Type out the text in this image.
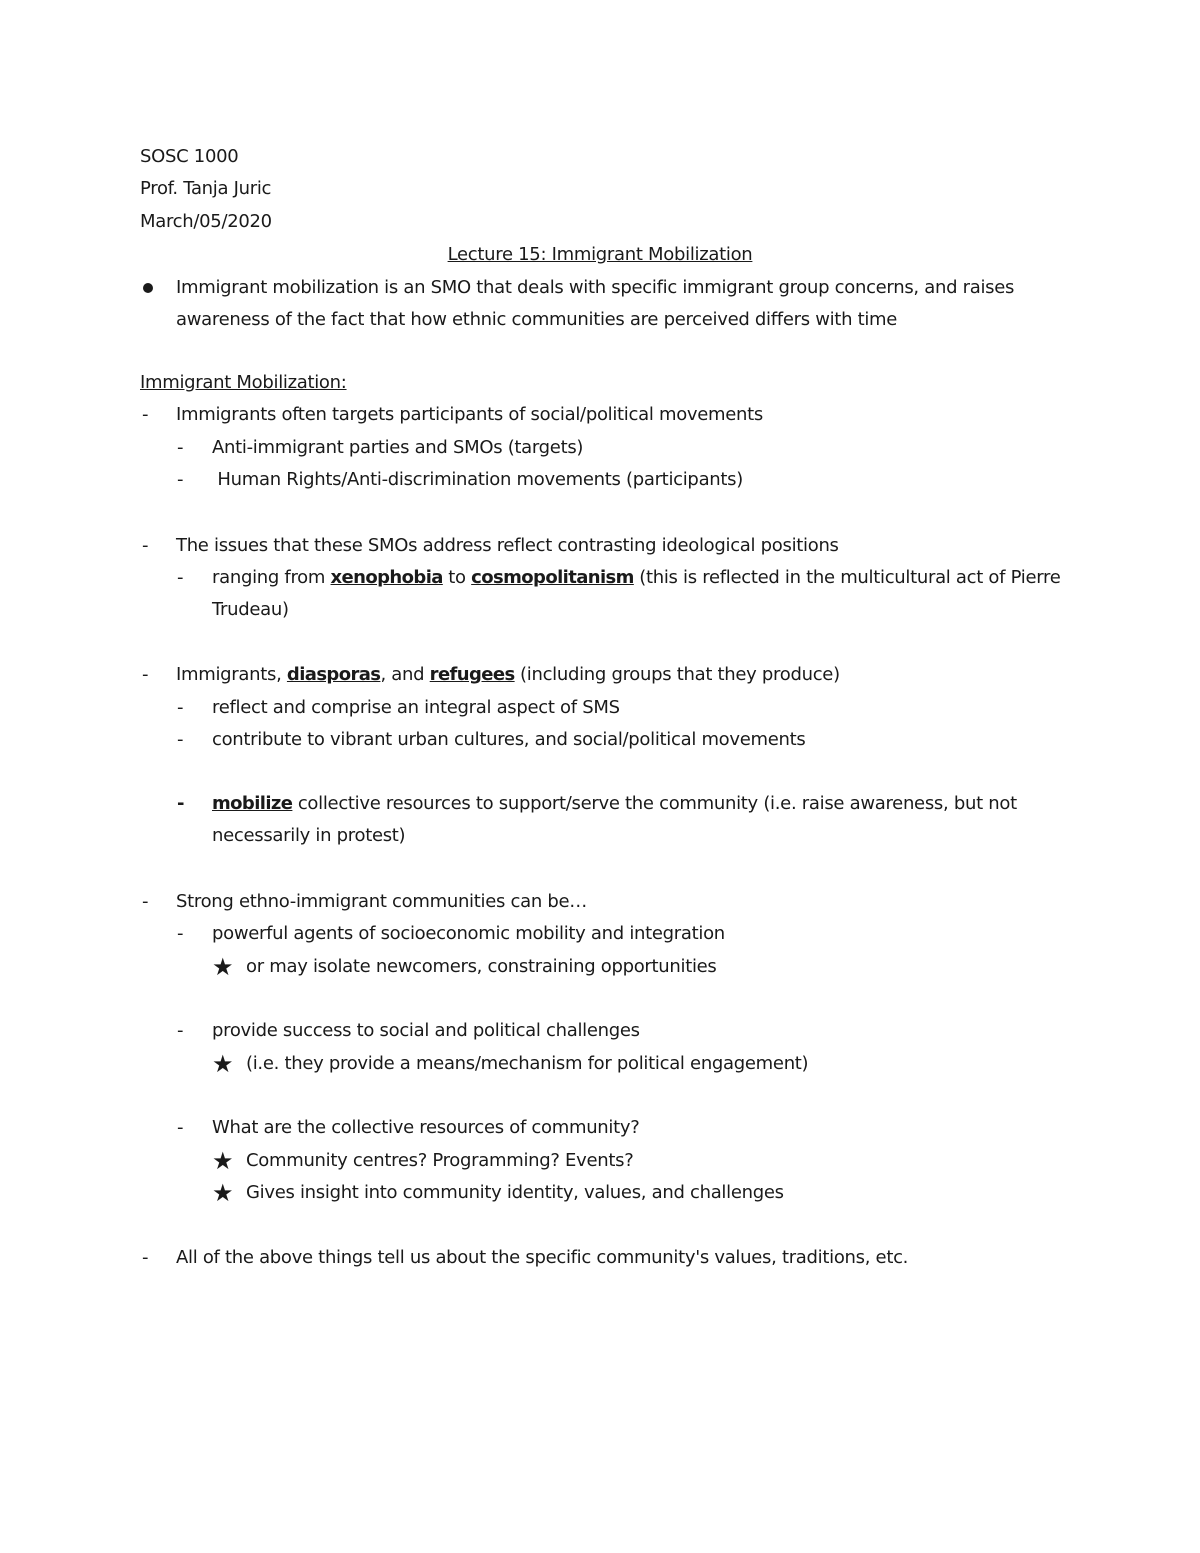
SOSC 1000
Prof. Tanja Juric
March/05/2020
Lecture 15: Immigrant Mobilization
Immigrant mobilization is an SMO that deals with specific immigrant group concerns, and raises
awareness of the fact that how ethnic communities are perceived differs with time
Immigrant Mobilization:
- Immigrants often targets participants of social/political movements
- Anti-immigrant parties and SMOs (targets)
- Human Rights/Anti-discrimination movements (participants)
- The issues that these SMOs address reflect contrasting ideological positions
- ranging from xenophobia to cosmopolitanism (this is reflected in the multicultural act of Pierre
Trudeau)
- Immigrants, diasporas, and refugees (including groups that they produce)
- reflect and comprise an integral aspect of SMS
- contribute to vibrant urban cultures, and social/political movements
- mobilize collective resources to support/serve the community (i.e. raise awareness, but not
necessarily in protest)
- Strong ethno-immigrant communities can be…
- powerful agents of socioeconomic mobility and integration
★ or may isolate newcomers, constraining opportunities
- provide success to social and political challenges
★ (i.e. they provide a means/mechanism for political engagement)
- What are the collective resources of community?
★ Community centres? Programming? Events?
★ Gives insight into community identity, values, and challenges
- All of the above things tell us about the specific community's values, traditions, etc.
